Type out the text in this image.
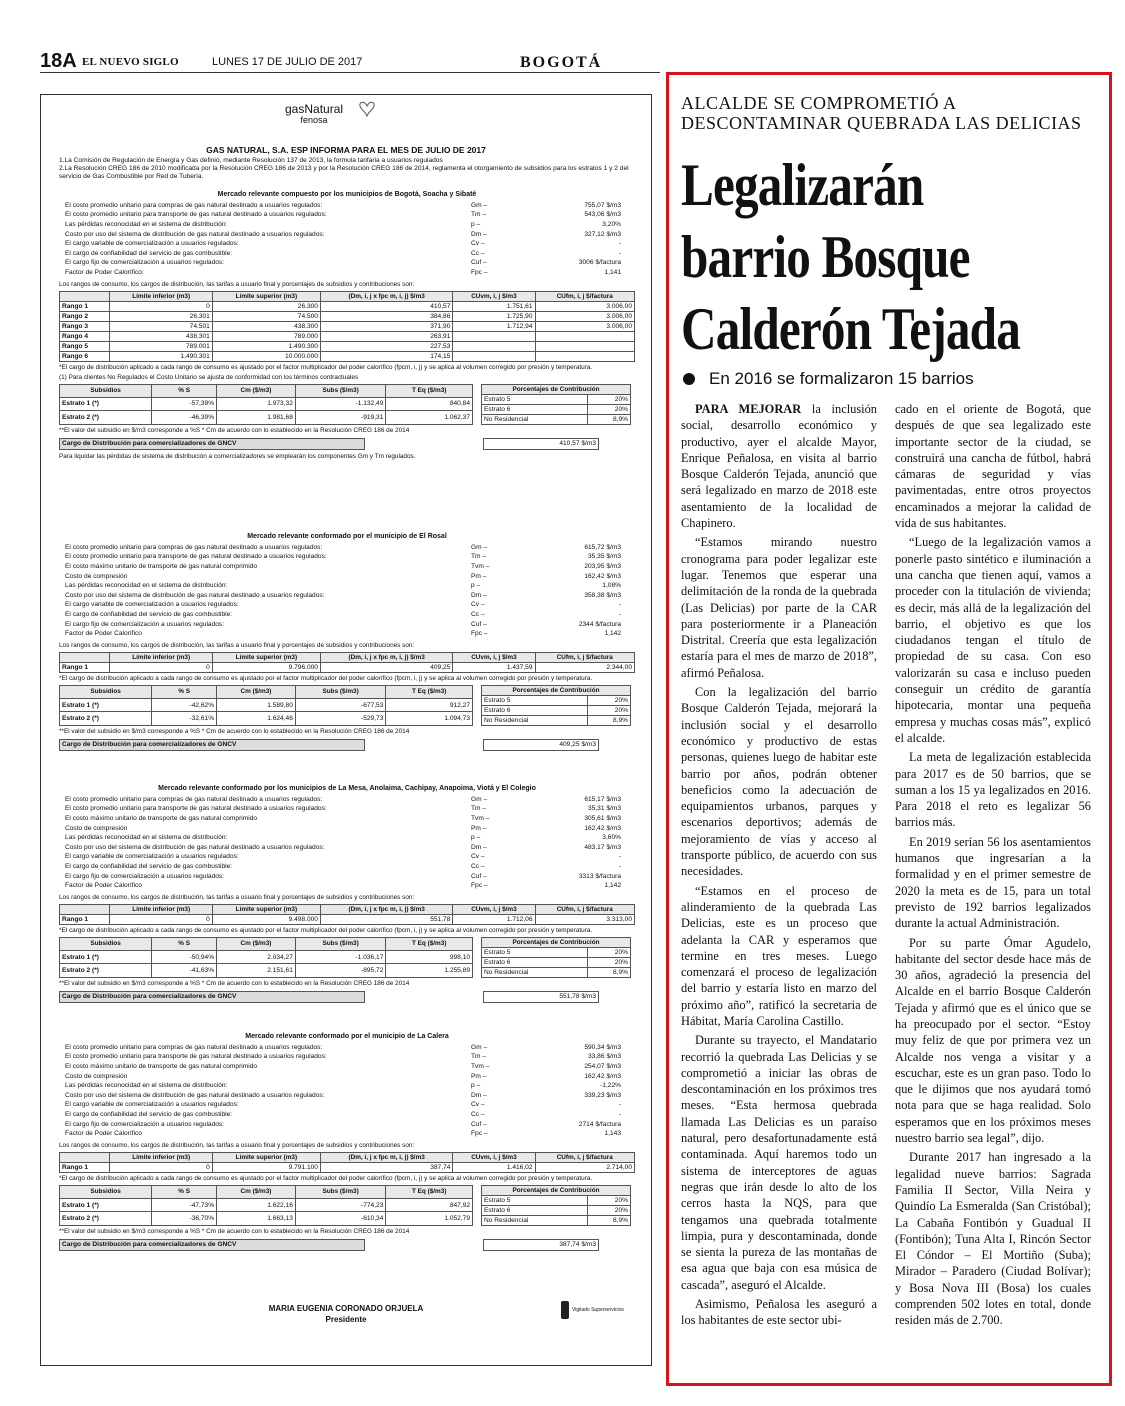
18A EL NUEVO SIGLO	LUNES 17 DE JULIO DE 2017	BOGOTÁ
gasNatural
fenosa
GAS NATURAL, S.A. ESP INFORMA PARA EL MES DE JULIO DE 2017
1.La Comisión de Regulación de Energía y Gas definió, mediante Resolución 137 de 2013, la formula tarifaria a usuarios regulados
2.La Resolución CREG 186 de 2010 modificada por la Resolución CREG 186 de 2013 y por la Resolución CREG 186 de 2014, reglamenta el otorgamiento de subsidios para los estratos 1 y 2 del servicio de Gas Combustible por Red de Tubería.
Mercado relevante compuesto por los municipios de Bogotá, Soacha y Sibaté
El costo promedio unitario para compras de gas natural destinado a usuarios regulados:	Gm –	755,07 $/m3
El costo promedio unitario para transporte de gas natural destinado a usuarios regulados:	Tm –	543,06 $/m3
Las pérdidas reconocidad en el sistema de distribución:	p –	3,20%
Costo por uso del sistema de distribución de gas natural destinado a usuarios regulados:	Dm –	327,12 $/m3
El cargo variable de comercialización a usuarios regulados:	Cv –	-
El cargo de confiabilidad del servicio de gas combustible:	Cc –	-
El cargo fijo de comercialización a usuarios regulados:	Cuf –	3006 $/factura
Factor de Poder Calorífico:	Fpc –	1,141
Los rangos de consumo, los cargos de distribución, las tarifas a usuario final y porcentajes de subsidios y contribuciones son:
	Límite inferior (m3)	Límite superior (m3)	(Dm, i, j x fpc m, i, j) $/m3	CUvm, i, j $/m3	CUfm, i, j $/factura
Rango 1	0	26.300	410,57	1.751,61	3.006,00
Rango 2	26.301	74.500	384,86	1.725,90	3.006,00
Rango 3	74.501	438.300	371,90	1.712,94	3.006,00
Rango 4	438.301	789.000	263,91		
Rango 5	789.001	1.490.300	227,53		
Rango 6	1.490.301	10.000.000	174,15		
*El cargo de distribución aplicado a cada rango de consumo es ajustado por el factor multiplicador del poder calorífico (fpcm, i, j) y se aplica al volumen corregido por presión y temperatura.
(1) Para clientes No Regulados el Costo Unitario se ajusta de conformidad con los términos contractuales
Subsidios	% S	Cm ($/m3)	Subs ($/m3)	T Eq ($/m3)
Estrato 1 (*)	-57,39%	1.973,32	-1.132,49	840,84
Estrato 2 (*)	-46,39%	1.981,68	-919,31	1.062,37
Porcentajes de Contribución	
Estrato 5	20%
Estrato 6	20%
No Residencial	8,9%
**El valor del subsidio en $/m3 corresponde a %S * Cm de acuerdo con lo establecido en la Resolución CREG 186 de 2014
Cargo de Distribución para comercializadores de GNCV	410,57 $/m3
Para liquidar las pérdidas de sistema de distribución a comercializadores se emplearán los componentes Gm y Tm regulados.
Mercado relevante conformado por el municipio de El Rosal
El costo promedio unitario para compras de gas natural destinado a usuarios regulados:	Gm –	615,72 $/m3
El costo promedio unitario para transporte de gas natural destinado a usuarios regulados:	Tm –	35,35 $/m3
El costo máximo unitario de transporte de gas natural comprimido	Tvm –	203,95 $/m3
Costo de compresión	Pm –	162,42 $/m3
Las pérdidas reconocidad en el sistema de distribución:	p –	1,08%
Costo por uso del sistema de distribución de gas natural destinado a usuarios regulados:	Dm –	358,38 $/m3
El cargo variable de comercialización a usuarios regulados:	Cv –	-
El cargo de confiabilidad del servicio de gas combustible:	Cc –	-
El cargo fijo de comercialización a usuarios regulados:	Cuf –	2344 $/factura
Factor de Poder Calorífico	Fpc –	1,142
Los rangos de consumo, los cargos de distribución, las tarifas a usuario final y porcentajes de subsidios y contribuciones son:
	Límite inferior (m3)	Límite superior (m3)	(Dm, i, j x fpc m, i, j) $/m3	CUvm, i, j $/m3	CUfm, i, j $/factura
Rango 1	0	9.796.000	409,25	1.437,59	2.344,00
*El cargo de distribución aplicado a cada rango de consumo es ajustado por el factor multiplicador del poder calorífico (fpcm, i, j) y se aplica al volumen corregido por presión y temperatura.
Subsidios	% S	Cm ($/m3)	Subs ($/m3)	T Eq ($/m3)
Estrato 1 (*)	-42,62%	1.589,80	-677,53	912,27
Estrato 2 (*)	-32,61%	1.624,46	-529,73	1.094,73
Porcentajes de Contribución	
Estrato 5	20%
Estrato 6	20%
No Residencial	8,9%
**El valor del subsidio en $/m3 corresponde a %S * Cm de acuerdo con lo establecido en la Resolución CREG 186 de 2014
Cargo de Distribución para comercializadores de GNCV	409,25 $/m3
Mercado relevante conformado por los municipios de La Mesa, Anolaima, Cachipay, Anapoima, Viotá y El Colegio
El costo promedio unitario para compras de gas natural destinado a usuarios regulados:	Gm –	615,17 $/m3
El costo promedio unitario para transporte de gas natural destinado a usuarios regulados:	Tm –	35,31 $/m3
El costo máximo unitario de transporte de gas natural comprimido	Tvm –	305,61 $/m3
Costo de compresión	Pm –	162,42 $/m3
Las pérdidas reconocidad en el sistema de distribución:	p –	3,60%
Costo por uso del sistema de distribución de gas natural destinado a usuarios regulados:	Dm –	483,17 $/m3
El cargo variable de comercialización a usuarios regulados:	Cv –	-
El cargo de confiabilidad del servicio de gas combustible:	Cc –	-
El cargo fijo de comercialización a usuarios regulados:	Cuf –	3313 $/factura
Factor de Poder Calorífico	Fpc –	1,142
Los rangos de consumo, los cargos de distribución, las tarifas a usuario final y porcentajes de subsidios y contribuciones son:
	Límite inferior (m3)	Límite superior (m3)	(Dm, i, j x fpc m, i, j) $/m3	CUvm, i, j $/m3	CUfm, i, j $/factura
Rango 1	0	9.498.000	551,78	1.712,06	3.313,00
*El cargo de distribución aplicado a cada rango de consumo es ajustado por el factor multiplicador del poder calorífico (fpcm, i, j) y se aplica al volumen corregido por presión y temperatura.
Subsidios	% S	Cm ($/m3)	Subs ($/m3)	T Eq ($/m3)
Estrato 1 (*)	-50,94%	2.034,27	-1.036,17	998,10
Estrato 2 (*)	-41,63%	2.151,61	-895,72	1.255,89
Porcentajes de Contribución	
Estrato 5	20%
Estrato 6	20%
No Residencial	8,9%
**El valor del subsidio en $/m3 corresponde a %S * Cm de acuerdo con lo establecido en la Resolución CREG 186 de 2014
Cargo de Distribución para comercializadores de GNCV	551,78 $/m3
Mercado relevante conformado por el municipio de La Calera
El costo promedio unitario para compras de gas natural destinado a usuarios regulados:	Gm –	590,34 $/m3
El costo promedio unitario para transporte de gas natural destinado a usuarios regulados:	Tm –	33,86 $/m3
El costo máximo unitario de transporte de gas natural comprimido	Tvm –	254,07 $/m3
Costo de compresión	Pm –	162,42 $/m3
Las pérdidas reconocidad en el sistema de distribución:	p –	-1,22%
Costo por uso del sistema de distribución de gas natural destinado a usuarios regulados:	Dm –	339,23 $/m3
El cargo variable de comercialización a usuarios regulados:	Cv –	-
El cargo de confiabilidad del servicio de gas combustible:	Cc –	-
El cargo fijo de comercialización a usuarios regulados:	Cuf –	2714 $/factura
Factor de Poder Calorífico	Fpc –	1,143
Los rangos de consumo, los cargos de distribución, las tarifas a usuario final y porcentajes de subsidios y contribuciones son:
	Límite inferior (m3)	Límite superior (m3)	(Dm, i, j x fpc m, i, j) $/m3	CUvm, i, j $/m3	CUfm, i, j $/factura
Rango 1	0	9.791.100	387,74	1.416,02	2.714,00
*El cargo de distribución aplicado a cada rango de consumo es ajustado por el factor multiplicador del poder calorífico (fpcm, i, j) y se aplica al volumen corregido por presión y temperatura.
Subsidios	% S	Cm ($/m3)	Subs ($/m3)	T Eq ($/m3)
Estrato 1 (*)	-47,73%	1.622,16	-774,23	847,92
Estrato 2 (*)	-36,70%	1.663,13	-610,34	1.052,79
Porcentajes de Contribución	
Estrato 5	20%
Estrato 6	20%
No Residencial	8,9%
**El valor del subsidio en $/m3 corresponde a %S * Cm de acuerdo con lo establecido en la Resolución CREG 186 de 2014
Cargo de Distribución para comercializadores de GNCV	387,74 $/m3
MARIA EUGENIA CORONADO ORJUELA
Presidente
Vigilado Superservicios
ALCALDE SE COMPROMETIÓ A DESCONTAMINAR QUEBRADA LAS DELICIAS
Legalizarán
barrio Bosque
Calderón Tejada
En 2016 se formalizaron 15 barrios

PARA MEJORAR la inclusión social, desarrollo económico y productivo, ayer el alcalde Mayor, Enrique Peñalosa, en visita al barrio Bosque Calderón Tejada, anunció que será legalizado en marzo de 2018 este asentamiento de la localidad de Chapinero.

“Estamos mirando nuestro cronograma para poder legalizar este lugar. Tenemos que esperar una delimitación de la ronda de la quebrada (Las Delicias) por parte de la CAR para posteriormente ir a Planeación Distrital. Creería que esta legalización estaría para el mes de marzo de 2018”, afirmó Peñalosa.

Con la legalización del barrio Bosque Calderón Tejada, mejorará la inclusión social y el desarrollo económico y productivo de estas personas, quienes luego de habitar este barrio por años, podrán obtener beneficios como la adecuación de equipamientos urbanos, parques y escenarios deportivos; además de mejoramiento de vías y acceso al transporte público, de acuerdo con sus necesidades.

“Estamos en el proceso de alinderamiento de la quebrada Las Delicias, este es un proceso que adelanta la CAR y esperamos que termine en tres meses. Luego comenzará el proceso de legalización del barrio y estaría listo en marzo del próximo año”, ratificó la secretaria de Hábitat, María Carolina Castillo.

Durante su trayecto, el Mandatario recorrió la quebrada Las Delicias y se comprometió a iniciar las obras de descontaminación en los próximos tres meses. “Esta hermosa quebrada llamada Las Delicias es un paraíso natural, pero desafortunadamente está contaminada. Aquí haremos todo un sistema de interceptores de aguas negras que irán desde lo alto de los cerros hasta la NQS, para que tengamos una quebrada totalmente limpia, pura y descontaminada, donde se sienta la pureza de las montañas de esa agua que baja con esa música de cascada”, aseguró el Alcalde.

Asimismo, Peñalosa les aseguró a los habitantes de este sector ubi-

cado en el oriente de Bogotá, que después de que sea legalizado este importante sector de la ciudad, se construirá una cancha de fútbol, habrá cámaras de seguridad y vías pavimentadas, entre otros proyectos encaminados a mejorar la calidad de vida de sus habitantes.

“Luego de la legalización vamos a ponerle pasto sintético e iluminación a una cancha que tienen aquí, vamos a proceder con la titulación de vivienda; es decir, más allá de la legalización del barrio, el objetivo es que los ciudadanos tengan el título de propiedad de su casa. Con eso valorizarán su casa e incluso pueden conseguir un crédito de garantía hipotecaria, montar una pequeña empresa y muchas cosas más”, explicó el alcalde.

La meta de legalización establecida para 2017 es de 50 barrios, que se suman a los 15 ya legalizados en 2016. Para 2018 el reto es legalizar 56 barrios más.

En 2019 serían 56 los asentamientos humanos que ingresarían a la formalidad y en el primer semestre de 2020 la meta es de 15, para un total previsto de 192 barrios legalizados durante la actual Administración.

Por su parte Ómar Agudelo, habitante del sector desde hace más de 30 años, agradeció la presencia del Alcalde en el barrio Bosque Calderón Tejada y afirmó que es el único que se ha preocupado por el sector. “Estoy muy feliz de que por primera vez un Alcalde nos venga a visitar y a escuchar, este es un gran paso. Todo lo que le dijimos que nos ayudará tomó nota para que se haga realidad. Solo esperamos que en los próximos meses nuestro barrio sea legal”, dijo.

Durante 2017 han ingresado a la legalidad nueve barrios: Sagrada Familia II Sector, Villa Neira y Quindío La Esmeralda (San Cristóbal); La Cabaña Fontibón y Guadual II (Fontibón); Tuna Alta I, Rincón Sector El Cóndor – El Mortiño (Suba); Mirador – Paradero (Ciudad Bolívar); y Bosa Nova III (Bosa) los cuales comprenden 502 lotes en total, donde residen más de 2.700.
